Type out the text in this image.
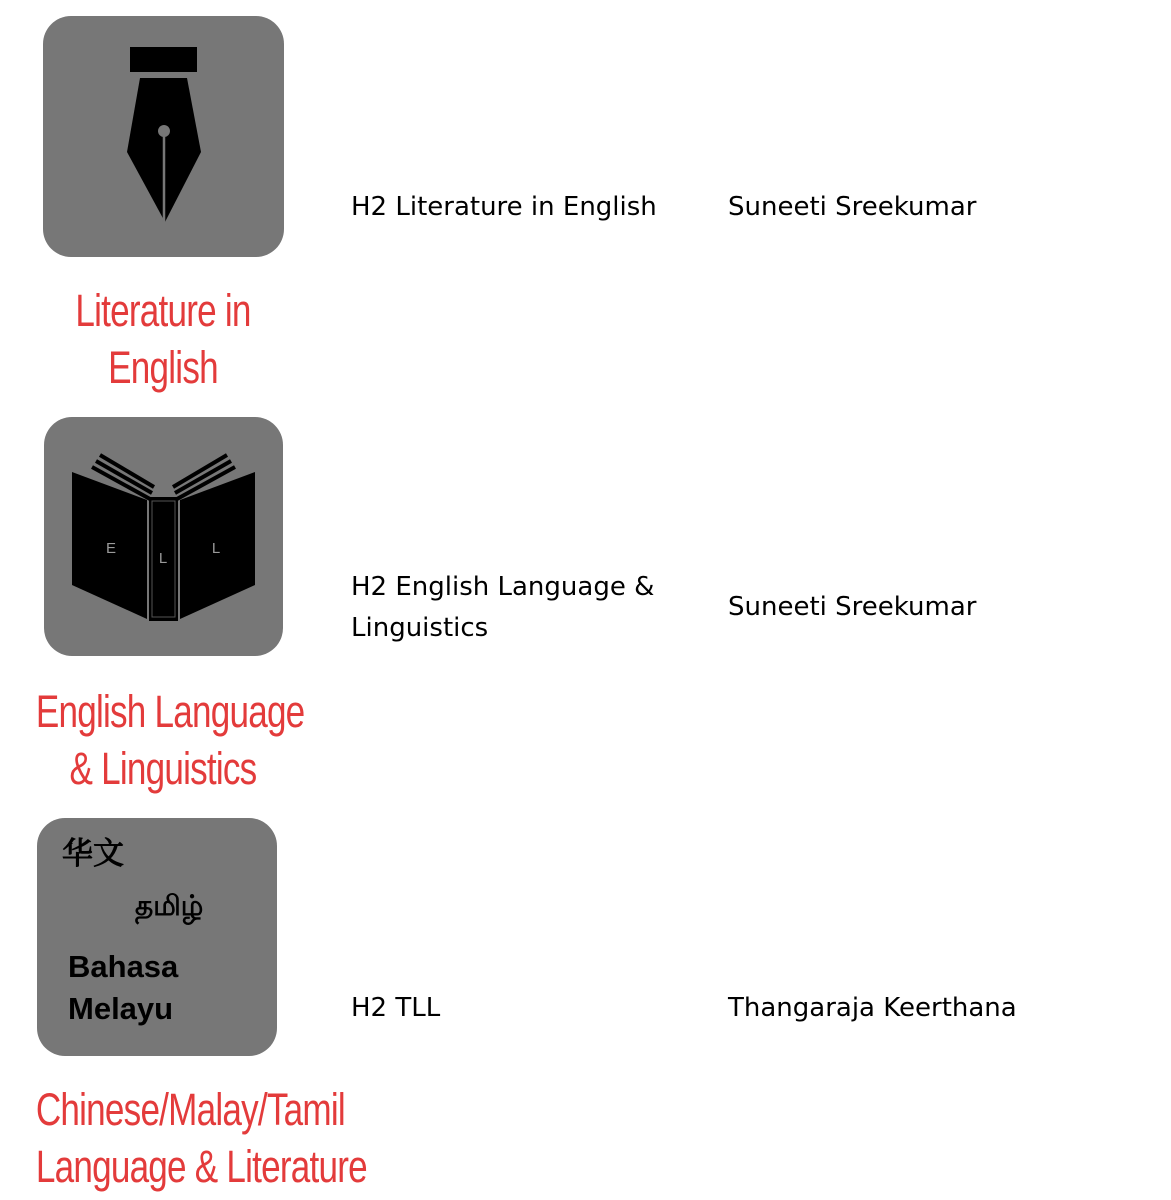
Literature in
English
H2 Literature in English	Suneeti Sreekumar
E
L
L
English Language
& Linguistics
H2 English Language &
Linguistics
Suneeti Sreekumar
华文
தமிழ்
Bahasa
Melayu
Chinese/Malay/Tamil
Language & Literature
H2 TLL	Thangaraja Keerthana
